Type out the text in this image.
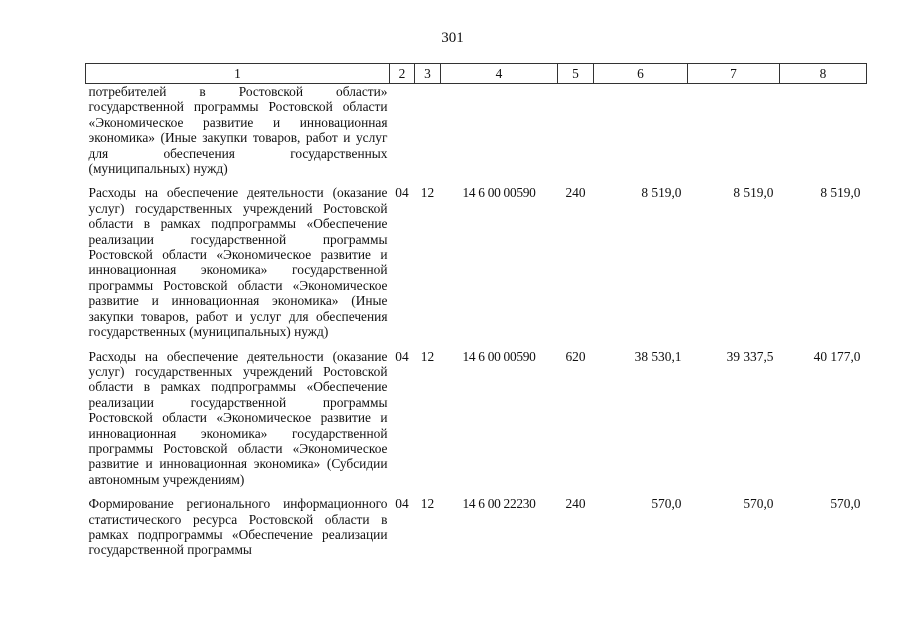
301
1	2	3	4	5	6	7	8
потребителей в Ростовской области» государственной программы Ростовской области «Экономическое развитие и инновационная экономика» (Иные закупки товаров, работ и услуг для обеспечения государственных (муниципальных) нужд)							
Расходы на обеспечение деятельности (оказание услуг) государственных учреждений Ростовской области в рамках подпрограммы «Обеспечение реализации государственной программы Ростовской области «Экономическое развитие и инновационная экономика» государственной программы Ростовской области «Экономическое развитие и инновационная экономика» (Иные закупки товаров, работ и услуг для обеспечения государственных (муниципальных) нужд)	04	12	14 6 00 00590	240	8 519,0	8 519,0	8 519,0
Расходы на обеспечение деятельности (оказание услуг) государственных учреждений Ростовской области в рамках подпрограммы «Обеспечение реализации государственной программы Ростовской области «Экономическое развитие и инновационная экономика» государственной программы Ростовской области «Экономическое развитие и инновационная экономика» (Субсидии автономным учреждениям)	04	12	14 6 00 00590	620	38 530,1	39 337,5	40 177,0
Формирование регионального информационного статистического ресурса Ростовской области в рамках подпрограммы «Обеспечение реализации государственной программы	04	12	14 6 00 22230	240	570,0	570,0	570,0
